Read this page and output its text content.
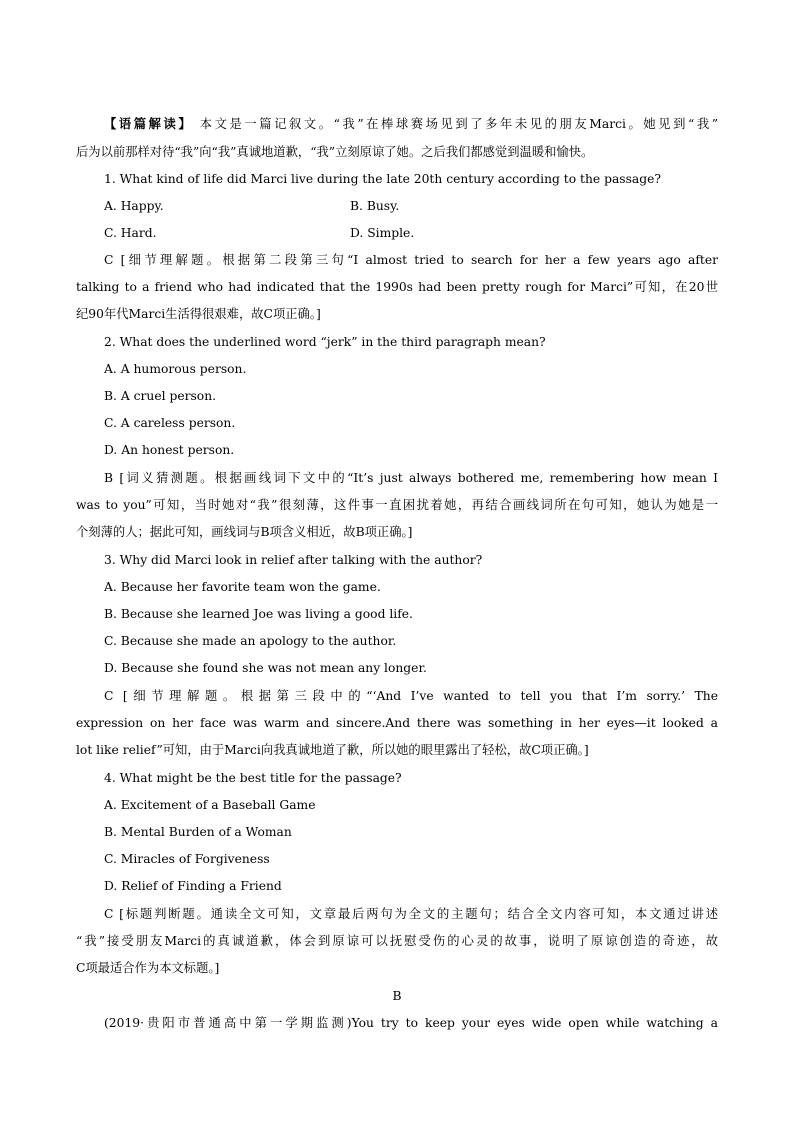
【语篇解读】 本文是一篇记叙文。“我”在棒球赛场见到了多年未见的朋友Marci。她见到“我”
后为以前那样对待“我”向“我”真诚地道歉，“我”立刻原谅了她。之后我们都感觉到温暖和愉快。
1. What kind of life did Marci live during the late 20th century according to the passage?
A. Happy.	B. Busy.
C. Hard.	D. Simple.
C [细节理解题。根据第二段第三句“I almost tried to search for her a few years ago after
talking to a friend who had indicated that the 1990s had been pretty rough for Marci”可知，在20世
纪90年代Marci生活得很艰难，故C项正确。]
2. What does the underlined word “jerk” in the third paragraph mean?
A. A humorous person.
B. A cruel person.
C. A careless person.
D. An honest person.
B [词义猜测题。根据画线词下文中的“It’s just always bothered me, remembering how mean I
was to you”可知，当时她对“我”很刻薄，这件事一直困扰着她，再结合画线词所在句可知，她认为她是一
个刻薄的人；据此可知，画线词与B项含义相近，故B项正确。]
3. Why did Marci look in relief after talking with the author?
A. Because her favorite team won the game.
B. Because she learned Joe was living a good life.
C. Because she made an apology to the author.
D. Because she found she was not mean any longer.
C [细节理解题。根据第三段中的“‘And I’ve wanted to tell you that I’m sorry.’ The
expression on her face was warm and sincere.And there was something in her eyes—it looked a
lot like relief”可知，由于Marci向我真诚地道了歉，所以她的眼里露出了轻松，故C项正确。]
4. What might be the best title for the passage?
A. Excitement of a Baseball Game
B. Mental Burden of a Woman
C. Miracles of Forgiveness
D. Relief of Finding a Friend
C [标题判断题。通读全文可知，文章最后两句为全文的主题句；结合全文内容可知，本文通过讲述
“我”接受朋友Marci的真诚道歉，体会到原谅可以抚慰受伤的心灵的故事，说明了原谅创造的奇迹，故
C项最适合作为本文标题。]
B
(2019·贵阳市普通高中第一学期监测)You try to keep your eyes wide open while watching a
